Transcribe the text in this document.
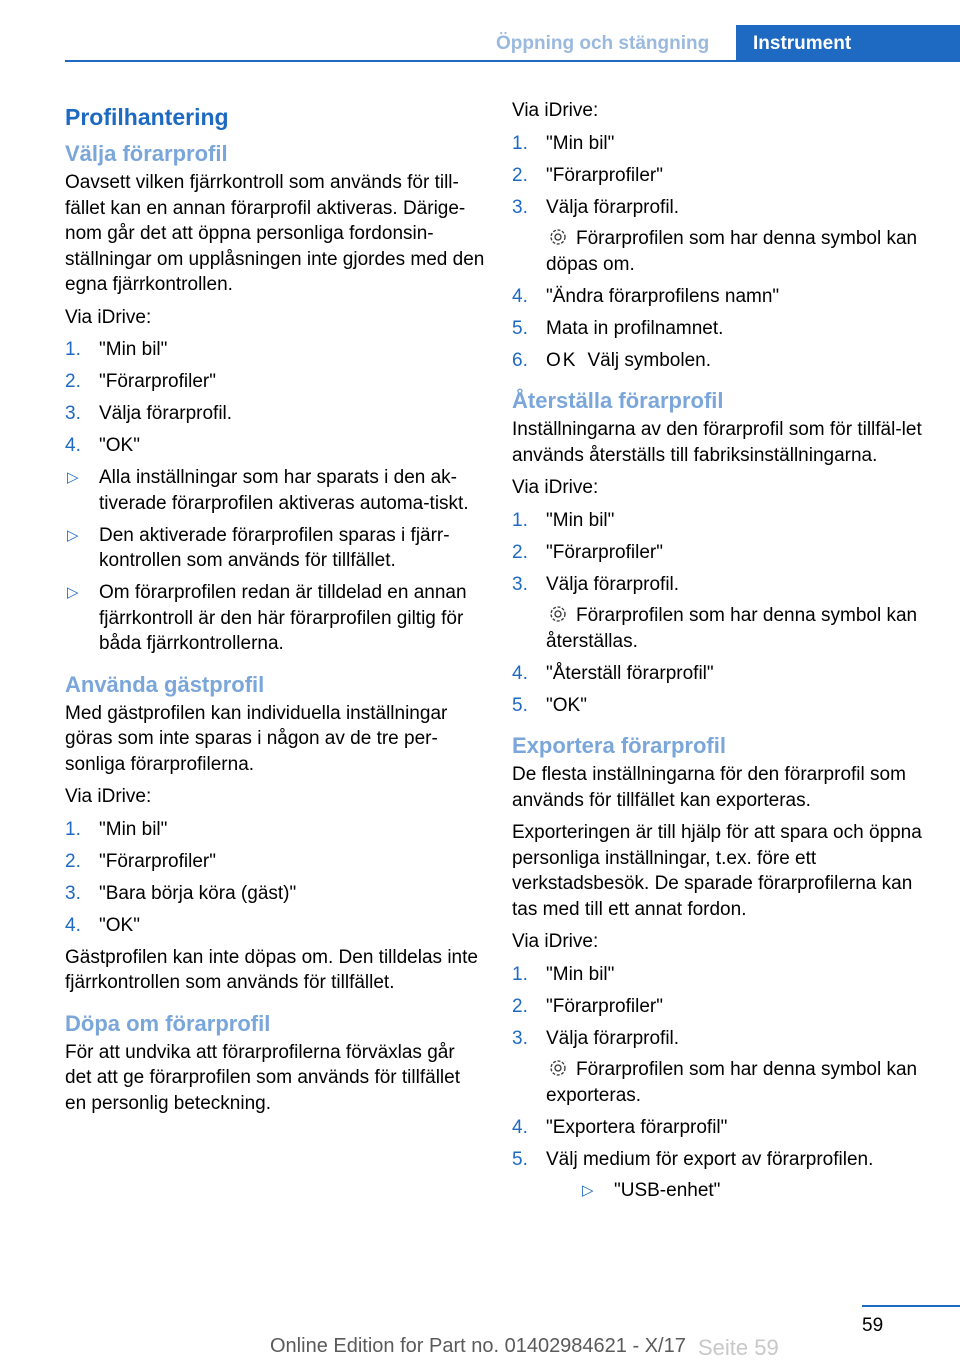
Öppning och stängning	Instrument
Profilhantering
Välja förarprofil

Oavsett vilken fjärrkontroll som används för till-fället kan en annan förarprofil aktiveras. Därige-nom går det att öppna personliga fordonsin-ställningar om upplåsningen inte gjordes med den egna fjärrkontrollen.

Via iDrive:

1. "Min bil"
2. "Förarprofiler"
3. Välja förarprofil.
4. "OK"
▷ Alla inställningar som har sparats i den ak-tiverade förarprofilen aktiveras automa-tiskt.
▷ Den aktiverade förarprofilen sparas i fjärr-kontrollen som används för tillfället.
▷ Om förarprofilen redan är tilldelad en annan fjärrkontroll är den här förarprofilen giltig för båda fjärrkontrollerna.
Använda gästprofil

Med gästprofilen kan individuella inställningar göras som inte sparas i någon av de tre per-sonliga förarprofilerna.

Via iDrive:

1. "Min bil"
2. "Förarprofiler"
3. "Bara börja köra (gäst)"
4. "OK"

Gästprofilen kan inte döpas om. Den tilldelas inte fjärrkontrollen som används för tillfället.

Döpa om förarprofil

För att undvika att förarprofilerna förväxlas går det att ge förarprofilen som används för tillfället en personlig beteckning.

Via iDrive:

1. "Min bil"
2. "Förarprofiler"
3. Välja förarprofil.
Förarprofilen som har denna symbol kan döpas om.
4. "Ändra förarprofilens namn"
5. Mata in profilnamnet.
6. OK Välj symbolen.
Återställa förarprofil

Inställningarna av den förarprofil som för tillfäl-let används återställs till fabriksinställningarna.

Via iDrive:

1. "Min bil"
2. "Förarprofiler"
3. Välja förarprofil.
Förarprofilen som har denna symbol kan återställas.
4. "Återställ förarprofil"
5. "OK"
Exportera förarprofil

De flesta inställningarna för den förarprofil som används för tillfället kan exporteras.

Exporteringen är till hjälp för att spara och öppna personliga inställningar, t.ex. före ett verkstadsbesök. De sparade förarprofilerna kan tas med till ett annat fordon.

Via iDrive:

1. "Min bil"
2. "Förarprofiler"
3. Välja förarprofil.
Förarprofilen som har denna symbol kan exporteras.
4. "Exportera förarprofil"
5. Välj medium för export av förarprofilen.
▷ "USB-enhet"
59
Online Edition for Part no. 01402984621 - X/17 Seite 59
